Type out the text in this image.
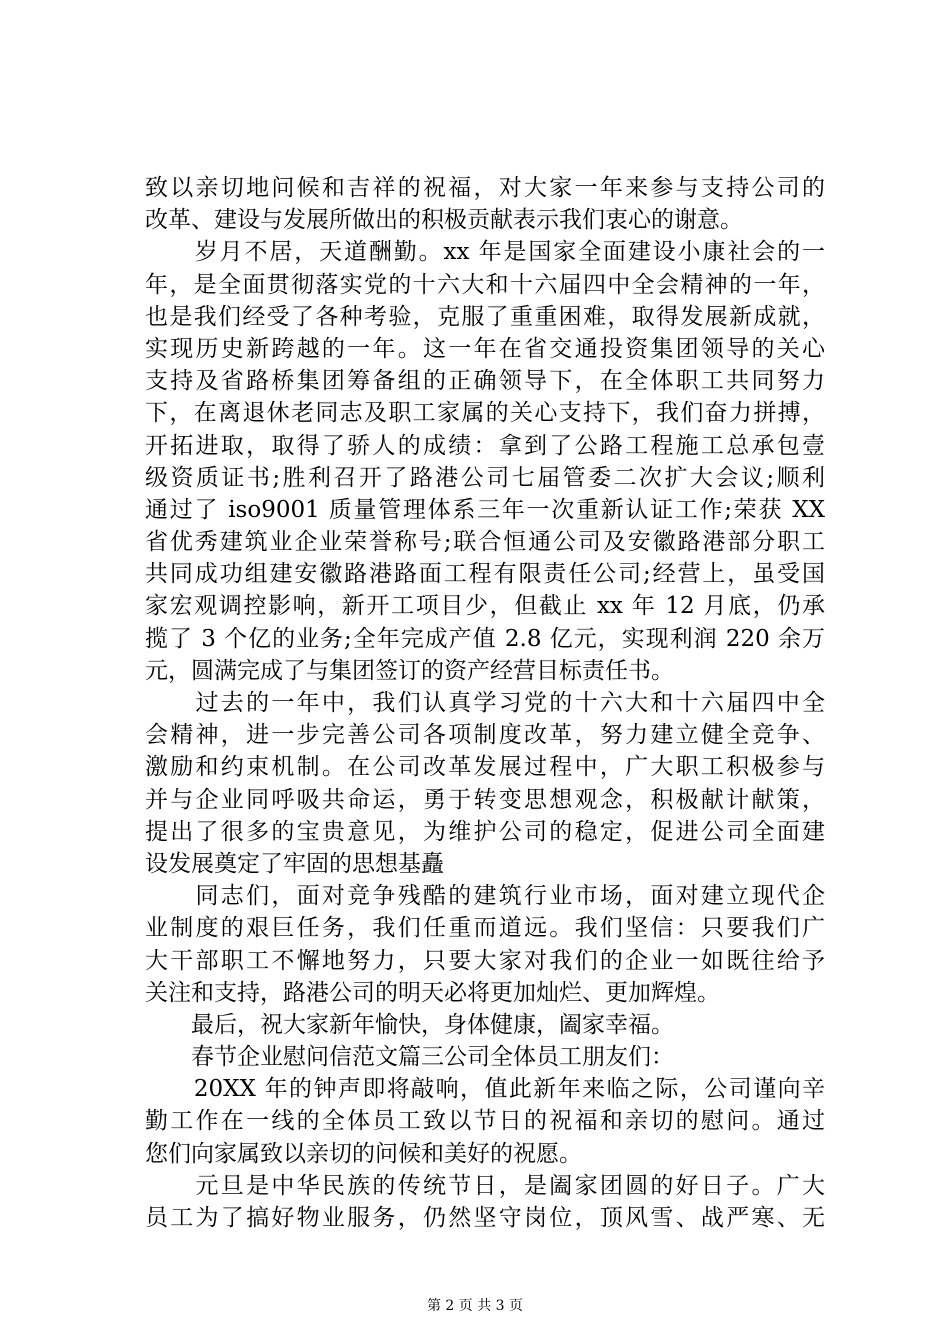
致以亲切地问候和吉祥的祝福，对大家一年来参与支持公司的
改革、建设与发展所做出的积极贡献表示我们衷心的谢意。
　　岁月不居，天道酬勤。xx 年是国家全面建设小康社会的一
年，是全面贯彻落实党的十六大和十六届四中全会精神的一年，
也是我们经受了各种考验，克服了重重困难，取得发展新成就，
实现历史新跨越的一年。这一年在省交通投资集团领导的关心
支持及省路桥集团筹备组的正确领导下，在全体职工共同努力
下，在离退休老同志及职工家属的关心支持下，我们奋力拼搏，
开拓进取，取得了骄人的成绩：拿到了公路工程施工总承包壹
级资质证书;胜利召开了路港公司七届管委二次扩大会议;顺利
通过了 iso9001 质量管理体系三年一次重新认证工作;荣获 XX
省优秀建筑业企业荣誉称号;联合恒通公司及安徽路港部分职工
共同成功组建安徽路港路面工程有限责任公司;经营上，虽受国
家宏观调控影响，新开工项目少，但截止 xx 年 12 月底，仍承
揽了 3 个亿的业务;全年完成产值 2.8 亿元，实现利润 220 余万
元，圆满完成了与集团签订的资产经营目标责任书。
　　过去的一年中，我们认真学习党的十六大和十六届四中全
会精神，进一步完善公司各项制度改革，努力建立健全竞争、
激励和约束机制。在公司改革发展过程中，广大职工积极参与
并与企业同呼吸共命运，勇于转变思想观念，积极献计献策，
提出了很多的宝贵意见，为维护公司的稳定，促进公司全面建
设发展奠定了牢固的思想基矗
　　同志们，面对竞争残酷的建筑行业市场，面对建立现代企
业制度的艰巨任务，我们任重而道远。我们坚信：只要我们广
大干部职工不懈地努力，只要大家对我们的企业一如既往给予
关注和支持，路港公司的明天必将更加灿烂、更加辉煌。
　　最后，祝大家新年愉快，身体健康，阖家幸福。
　　春节企业慰问信范文篇三公司全体员工朋友们：
　　20XX 年的钟声即将敲响，值此新年来临之际，公司谨向辛
勤工作在一线的全体员工致以节日的祝福和亲切的慰问。通过
您们向家属致以亲切的问候和美好的祝愿。
　　元旦是中华民族的传统节日，是阖家团圆的好日子。广大
员工为了搞好物业服务，仍然坚守岗位，顶风雪、战严寒、无
第 2 页 共 3 页
